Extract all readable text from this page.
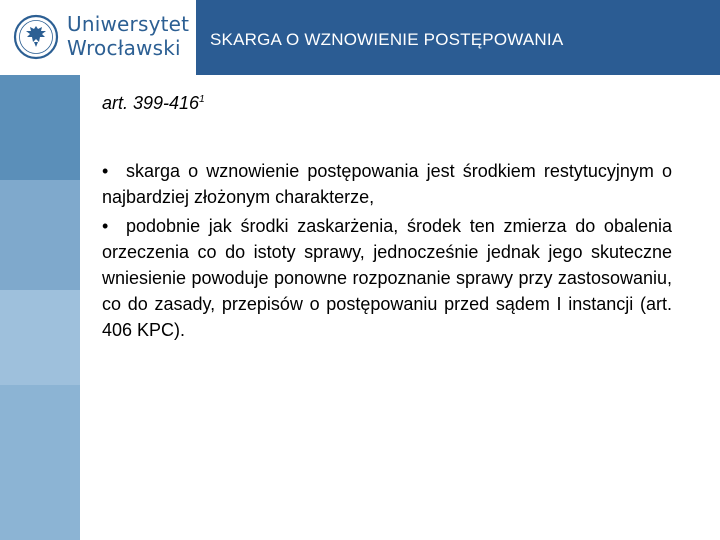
Uniwersytet
Wrocławski	SKARGA O WZNOWIENIE POSTĘPOWANIA

art. $399-416^1$

• skarga o wznowienie postępowania jest środkiem restytucyjnym o najbardziej złożonym charakterze,

• podobnie jak środki zaskarżenia, środek ten zmierza do obalenia orzeczenia co do istoty sprawy, jednocześnie jednak jego skuteczne wniesienie powoduje ponowne rozpoznanie sprawy przy zastosowaniu, co do zasady, przepisów o postępowaniu przed sądem I instancji (art. 406 KPC).
